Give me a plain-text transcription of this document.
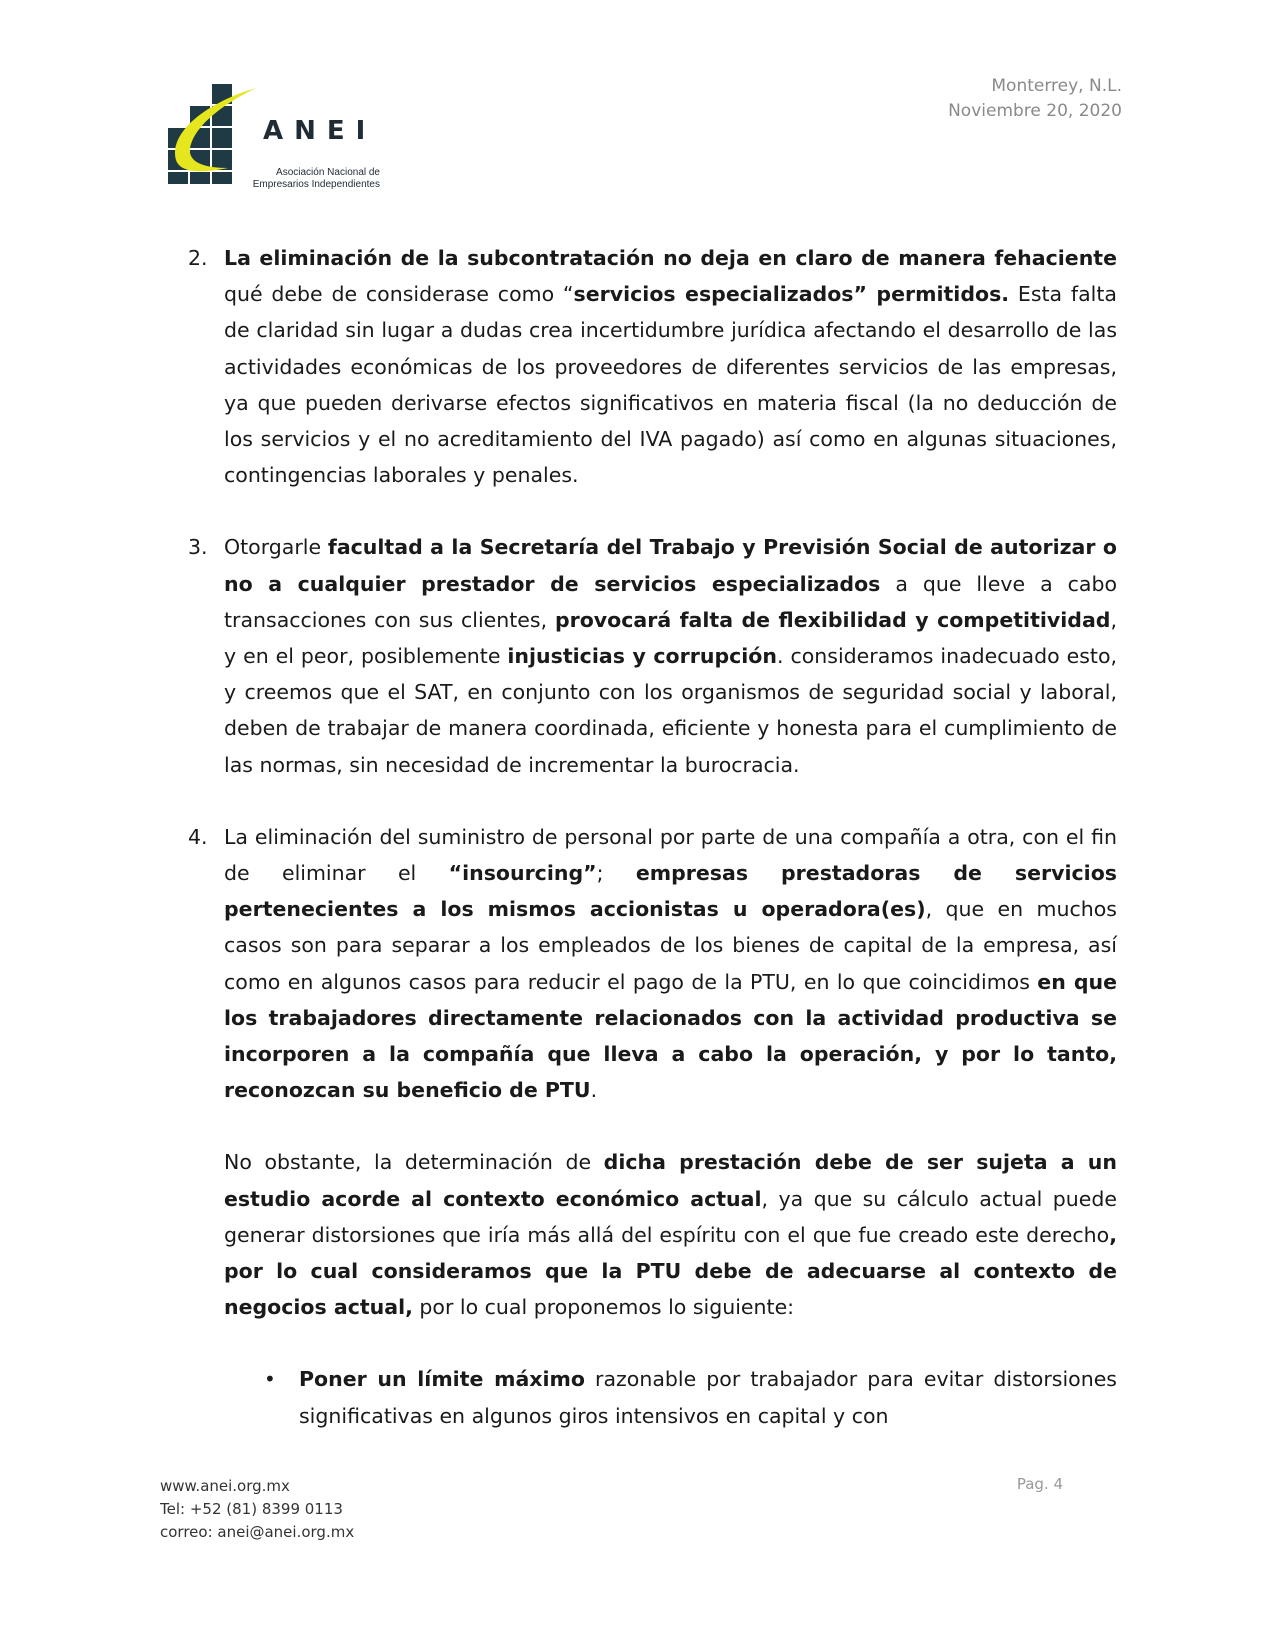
ANEI
Asociación Nacional de
Empresarios Independientes
Monterrey, N.L.
Noviembre 20, 2020
2. La eliminación de la subcontratación no deja en claro de manera fehaciente qué debe de considerase como “servicios especializados” permitidos. Esta falta de claridad sin lugar a dudas crea incertidumbre jurídica afectando el desarrollo de las actividades económicas de los proveedores de diferentes servicios de las empresas, ya que pueden derivarse efectos significativos en materia fiscal (la no deducción de los servicios y el no acreditamiento del IVA pagado) así como en algunas situaciones, contingencias laborales y penales.
3. Otorgarle facultad a la Secretaría del Trabajo y Previsión Social de autorizar o no a cualquier prestador de servicios especializados a que lleve a cabo transacciones con sus clientes, provocará falta de flexibilidad y competitividad, y en el peor, posiblemente injusticias y corrupción. consideramos inadecuado esto, y creemos que el SAT, en conjunto con los organismos de seguridad social y laboral, deben de trabajar de manera coordinada, eficiente y honesta para el cumplimiento de las normas, sin necesidad de incrementar la burocracia.
4. La eliminación del suministro de personal por parte de una compañía a otra, con el fin de eliminar el “insourcing”; empresas prestadoras de servicios pertenecientes a los mismos accionistas u operadora(es), que en muchos casos son para separar a los empleados de los bienes de capital de la empresa, así como en algunos casos para reducir el pago de la PTU, en lo que coincidimos en que los trabajadores directamente relacionados con la actividad productiva se incorporen a la compañía que lleva a cabo la operación, y por lo tanto, reconozcan su beneficio de PTU.
No obstante, la determinación de dicha prestación debe de ser sujeta a un estudio acorde al contexto económico actual, ya que su cálculo actual puede generar distorsiones que iría más allá del espíritu con el que fue creado este derecho, por lo cual consideramos que la PTU debe de adecuarse al contexto de negocios actual, por lo cual proponemos lo siguiente:
• Poner un límite máximo razonable por trabajador para evitar distorsiones significativas en algunos giros intensivos en capital y con
www.anei.org.mx
Tel: +52 (81) 8399 0113
correo: anei@anei.org.mx
Pag. 4
